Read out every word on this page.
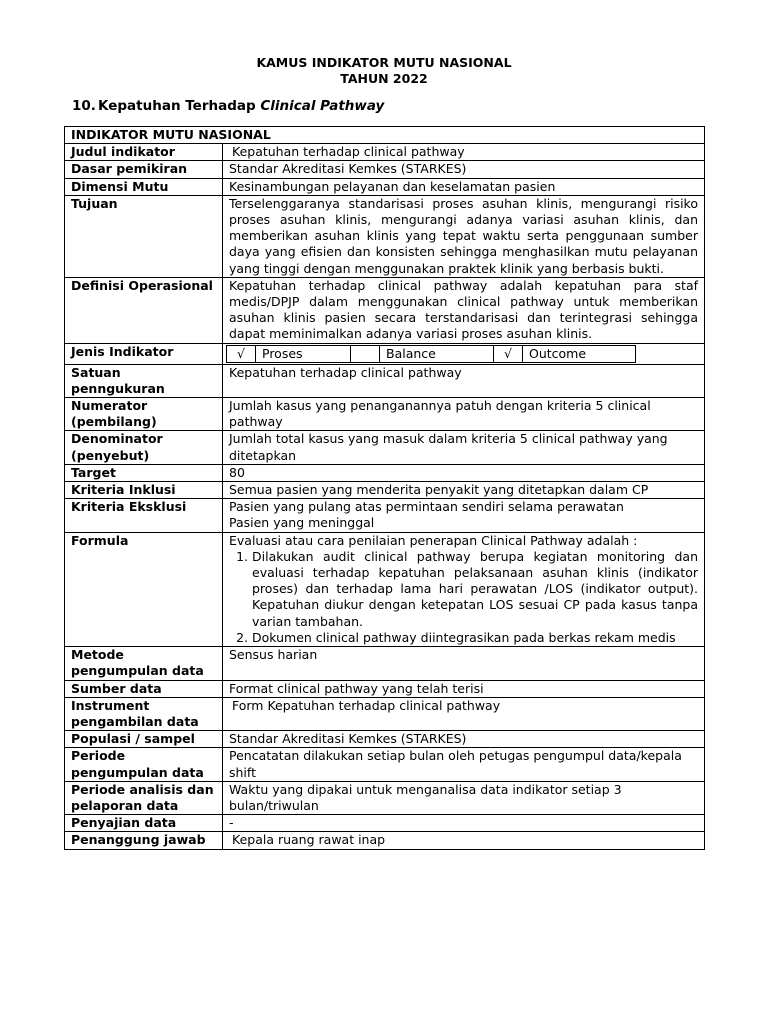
KAMUS INDIKATOR MUTU NASIONAL
TAHUN 2022
10. Kepatuhan Terhadap Clinical Pathway
INDIKATOR MUTU NASIONAL
Judul indikator	Kepatuhan terhadap clinical pathway
Dasar pemikiran	Standar Akreditasi Kemkes (STARKES)
Dimensi Mutu	Kesinambungan pelayanan dan keselamatan pasien
Tujuan	Terselenggaranya standarisasi proses asuhan klinis, mengurangi risiko proses asuhan klinis, mengurangi adanya variasi asuhan klinis, dan memberikan asuhan klinis yang tepat waktu serta penggunaan sumber daya yang efisien dan konsisten sehingga menghasilkan mutu pelayanan yang tinggi dengan menggunakan praktek klinik yang berbasis bukti.
Definisi Operasional	Kepatuhan terhadap clinical pathway adalah kepatuhan para staf medis/DPJP dalam menggunakan clinical pathway untuk memberikan asuhan klinis pasien secara terstandarisasi dan terintegrasi sehingga dapat meminimalkan adanya variasi proses asuhan klinis.
Jenis Indikator		√	Proses		Balance	√	Outcome

Satuan penngukuran	Kepatuhan terhadap clinical pathway
Numerator (pembilang)	Jumlah kasus yang penanganannya patuh dengan kriteria 5 clinical pathway
Denominator (penyebut)	Jumlah total kasus yang masuk dalam kriteria 5 clinical pathway yang ditetapkan
Target	80
Kriteria Inklusi	Semua pasien yang menderita penyakit yang ditetapkan dalam CP
Kriteria Eksklusi	Pasien yang pulang atas permintaan sendiri selama perawatan
Pasien yang meninggal

Formula	Evaluasi atau cara penilaian penerapan Clinical Pathway adalah :
1. Dilakukan audit clinical pathway berupa kegiatan monitoring dan evaluasi terhadap kepatuhan pelaksanaan asuhan klinis (indikator proses) dan terhadap lama hari perawatan /LOS (indikator output). Kepatuhan diukur dengan ketepatan LOS sesuai CP pada kasus tanpa varian tambahan.
2. Dokumen clinical pathway diintegrasikan pada berkas rekam medis

Metode pengumpulan data	Sensus harian
Sumber data	Format clinical pathway yang telah terisi
Instrument pengambilan data	Form Kepatuhan terhadap clinical pathway
Populasi / sampel	Standar Akreditasi Kemkes (STARKES)
Periode pengumpulan data	Pencatatan dilakukan setiap bulan oleh petugas pengumpul data/kepala shift
Periode analisis dan pelaporan data	Waktu yang dipakai untuk menganalisa data indikator setiap 3 bulan/triwulan
Penyajian data	-
Penanggung jawab	Kepala ruang rawat inap
